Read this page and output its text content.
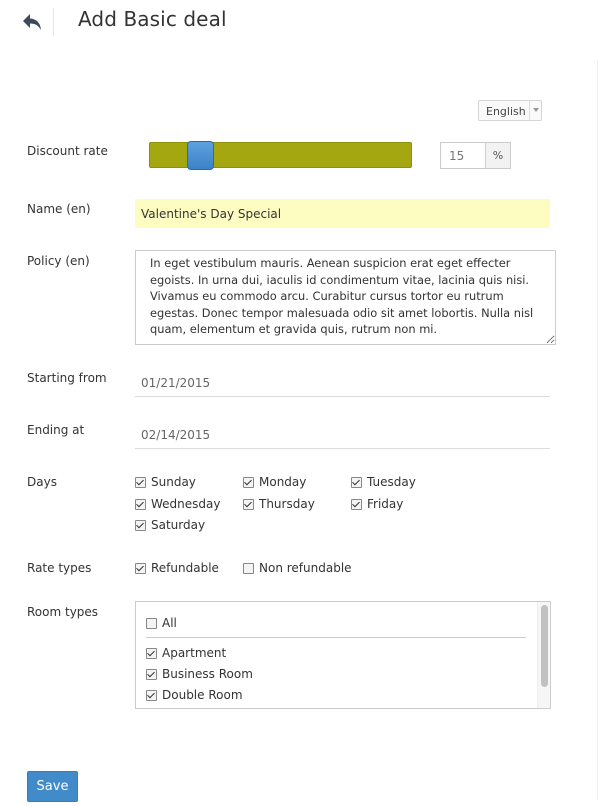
Add Basic deal
English
Discount rate
15	%
Name (en)
Valentine's Day Special
Policy (en)
In eget vestibulum mauris. Aenean suspicion erat eget effecter egoists. In urna dui, iaculis id condimentum vitae, lacinia quis nisi. Vivamus eu commodo arcu. Curabitur cursus tortor eu rutrum egestas. Donec tempor malesuada odio sit amet lobortis. Nulla nisl quam, elementum et gravida quis, rutrum non mi.
Starting from
01/21/2015
Ending at
02/14/2015
Days	Sunday	Monday	Tuesday
Wednesday	Thursday	Friday
Saturday
Rate types	Refundable	Non refundable
Room types
All
Apartment
Business Room
Double Room
Save
